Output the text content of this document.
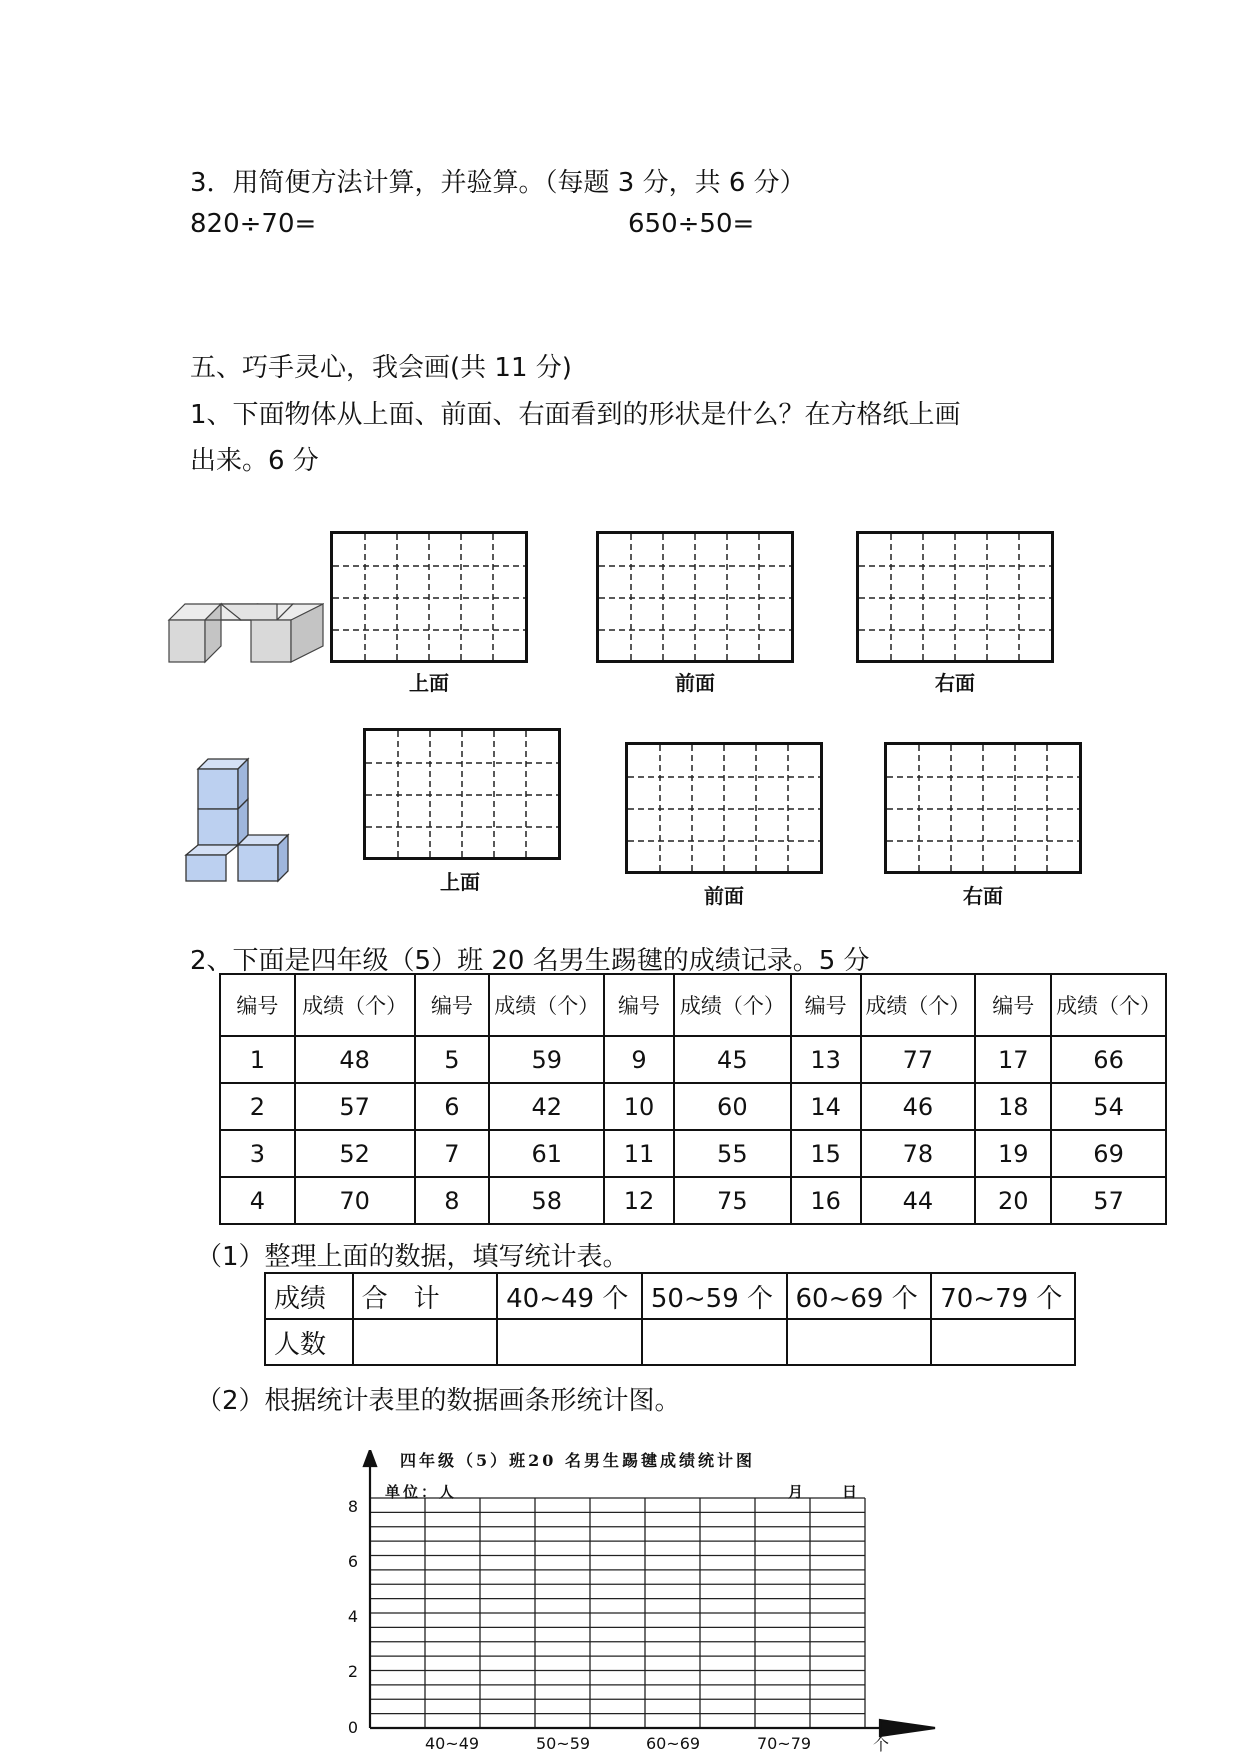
3．用简便方法计算，并验算。（每题 3 分，共 6 分）
820÷70=	650÷50=
五、巧手灵心，我会画(共 11 分)
1、下面物体从上面、前面、右面看到的形状是什么？在方格纸上画
出来。6 分
上面	前面	右面
上面
前面	右面
2、下面是四年级（5）班 20 名男生踢毽的成绩记录。5 分
编号	成绩（个）	编号	成绩（个）	编号	成绩（个）	编号	成绩（个）	编号	成绩（个）
1	48	5	59	9	45	13	77	17	66
2	57	6	42	10	60	14	46	18	54
3	52	7	61	11	55	15	78	19	69
4	70	8	58	12	75	16	44	20	57
（1）整理上面的数据，填写统计表。
成绩	合　计	40~49 个	50~59 个	60~69 个	70~79 个
人数					
（2）根据统计表里的数据画条形统计图。
四年级（5）班20 名男生踢毽成绩统计图
单位：人	月　　日
8
6
4
2
0
40~49	50~59	60~69	70~79	个
